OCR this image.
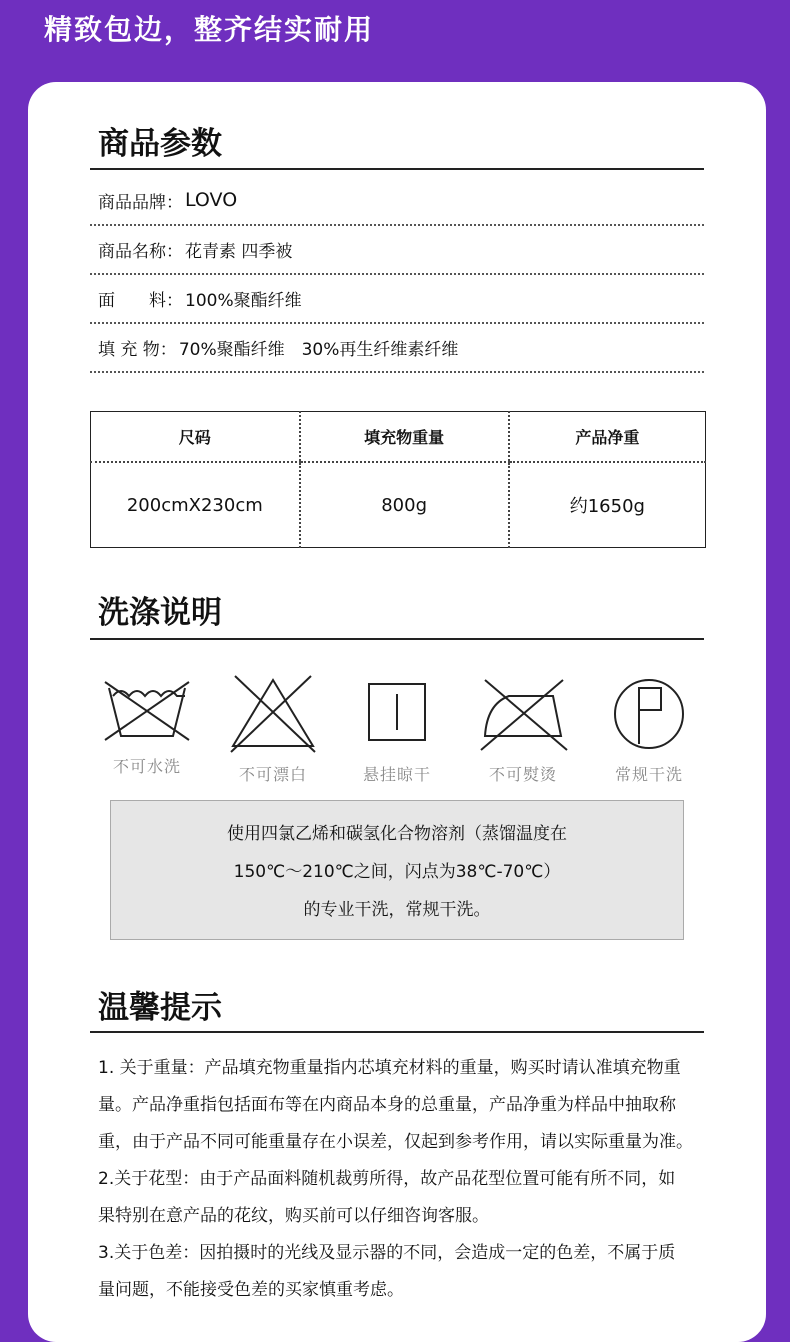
精致包边，整齐结实耐用
商品参数
商品品牌： LOVO
商品名称： 花青素 四季被
面　　料： 100%聚酯纤维
填 充 物： 70%聚酯纤维　30%再生纤维素纤维
尺码	填充物重量	产品净重
200cmX230cm	800g	约1650g
洗涤说明
不可水洗	不可漂白	悬挂晾干	不可熨烫	常规干洗
使用四氯乙烯和碳氢化合物溶剂（蒸馏温度在
150℃～210℃之间，闪点为38℃-70℃）
的专业干洗，常规干洗。
温馨提示

1. 关于重量：产品填充物重量指内芯填充材料的重量，购买时请认准填充物重

量。产品净重指包括面布等在内商品本身的总重量，产品净重为样品中抽取称

重，由于产品不同可能重量存在小误差，仅起到参考作用，请以实际重量为准。

2.关于花型：由于产品面料随机裁剪所得，故产品花型位置可能有所不同，如

果特别在意产品的花纹，购买前可以仔细咨询客服。

3.关于色差：因拍摄时的光线及显示器的不同，会造成一定的色差，不属于质

量问题，不能接受色差的买家慎重考虑。
